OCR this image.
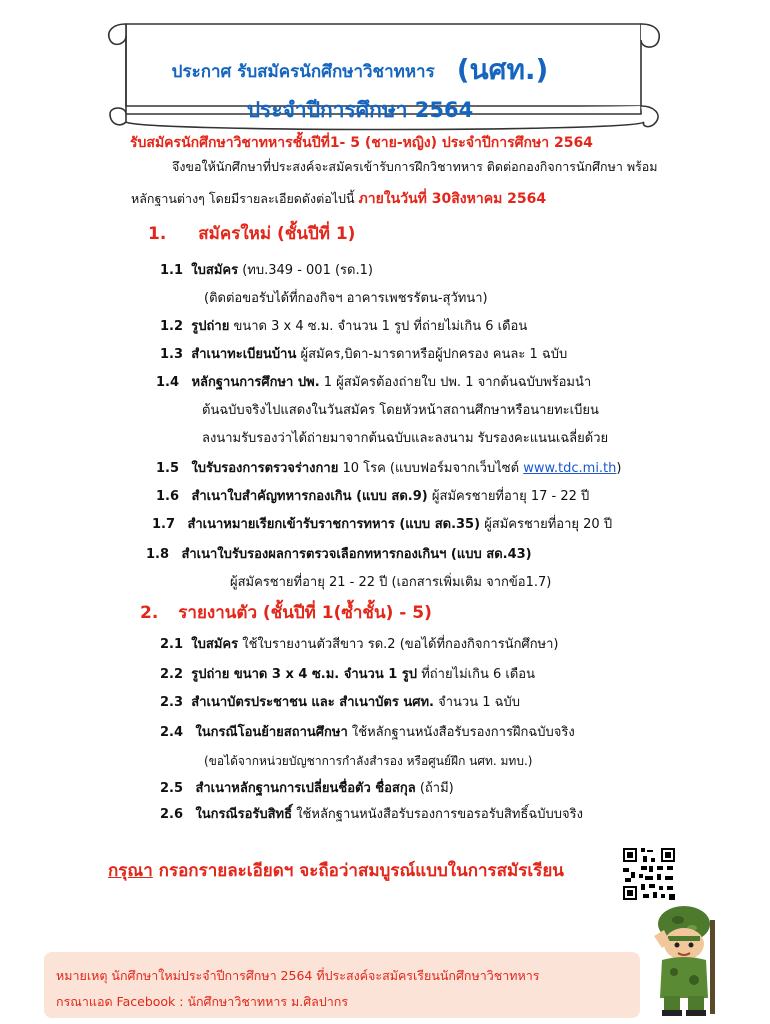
ประกาศ รับสมัครนักศึกษาวิชาทหาร (นศท.)
ประจำปีการศึกษา 2564
รับสมัครนักศึกษาวิชาทหารชั้นปีที่1- 5 (ชาย-หญิง) ประจำปีการศึกษา 2564
จึงขอให้นักศึกษาที่ประสงค์จะสมัครเข้ารับการฝึกวิชาทหาร ติดต่อกองกิจการนักศึกษา พร้อม
หลักฐานต่างๆ โดยมีรายละเอียดดังต่อไปนี้ ภายในวันที่ 30สิงหาคม 2564
1. สมัครใหม่ (ชั้นปีที่ 1)
1.1 ใบสมัคร (ทบ.349 - 001 (รด.1)
(ติดต่อขอรับได้ที่กองกิจฯ อาคารเพชรรัตน-สุวัทนา)
1.2 รูปถ่าย ขนาด 3 x 4 ซ.ม. จำนวน 1 รูป ที่ถ่ายไม่เกิน 6 เดือน
1.3 สำเนาทะเบียนบ้าน ผู้สมัคร,บิดา-มารดาหรือผู้ปกครอง คนละ 1 ฉบับ
1.4 หลักฐานการศึกษา ปพ. 1 ผู้สมัครต้องถ่ายใบ ปพ. 1 จากต้นฉบับพร้อมนำ
ต้นฉบับจริงไปแสดงในวันสมัคร โดยหัวหน้าสถานศึกษาหรือนายทะเบียน
ลงนามรับรองว่าได้ถ่ายมาจากต้นฉบับและลงนาม รับรองคะแนนเฉลี่ยด้วย
1.5 ใบรับรองการตรวจร่างกาย 10 โรค (แบบฟอร์มจากเว็บไซต์ www.tdc.mi.th)
1.6 สำเนาใบสำคัญทหารกองเกิน (แบบ สด.9) ผู้สมัครชายที่อายุ 17 - 22 ปี
1.7 สำเนาหมายเรียกเข้ารับราชการทหาร (แบบ สด.35) ผู้สมัครชายที่อายุ 20 ปี
1.8 สำเนาใบรับรองผลการตรวจเลือกทหารกองเกินฯ (แบบ สด.43)
ผู้สมัครชายที่อายุ 21 - 22 ปี (เอกสารเพิ่มเติม จากข้อ1.7)
2. รายงานตัว (ชั้นปีที่ 1(ซ้ำชั้น) - 5)
2.1 ใบสมัคร ใช้ใบรายงานตัวสีขาว รด.2 (ขอได้ที่กองกิจการนักศึกษา)
2.2 รูปถ่าย ขนาด 3 x 4 ซ.ม. จำนวน 1 รูป ที่ถ่ายไม่เกิน 6 เดือน
2.3 สำเนาบัตรประชาชน และ สำเนาบัตร นศท. จำนวน 1 ฉบับ
2.4 ในกรณีโอนย้ายสถานศึกษา ใช้หลักฐานหนังสือรับรองการฝึกฉบับจริง
(ขอได้จากหน่วยบัญชาการกำลังสำรอง หรือศูนย์ฝึก นศท. มทบ.)
2.5 สำเนาหลักฐานการเปลี่ยนชื่อตัว ชื่อสกุล (ถ้ามี)
2.6 ในกรณีรอรับสิทธิ์ ใช้หลักฐานหนังสือรับรองการขอรอรับสิทธิ์ฉบับบจริง
กรุณา กรอกรายละเอียดฯ จะถือว่าสมบูรณ์แบบในการสมัรเรียน
หมายเหตุ นักศึกษาใหม่ประจำปีการศึกษา 2564 ที่ประสงค์จะสมัครเรียนนักศึกษาวิชาทหาร
กรณาแอด Facebook : นักศึกษาวิชาทหาร ม.ศิลปากร
